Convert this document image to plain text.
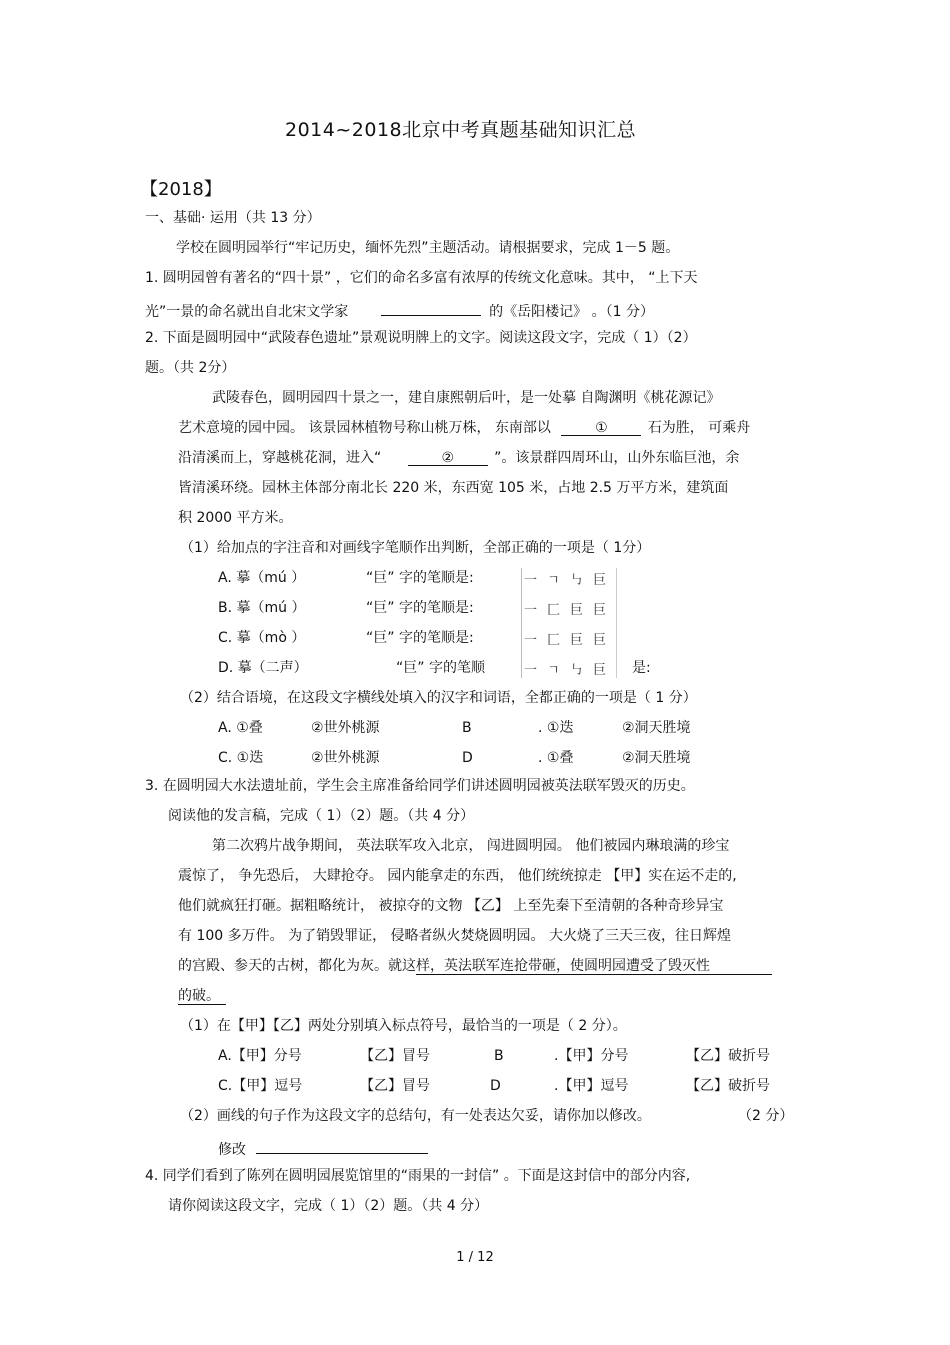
2014~2018北京中考真题基础知识汇总
【2018】
一、基础· 运用（共 13 分）
学校在圆明园举行“牢记历史，缅怀先烈”主题活动。请根据要求，完成 1－5 题。
1. 圆明园曾有著名的“四十景” ，它们的命名多富有浓厚的传统文化意味。其中， “上下天
光”一景的命名就出自北宋文学家	的《岳阳楼记》 。（1 分）
2. 下面是圆明园中“武陵春色遗址”景观说明牌上的文字。阅读这段文字，完成（ 1）（2）
题。（共 2分）
武陵春色，圆明园四十景之一，建自康熙朝后叶，是一处摹 自陶渊明《桃花源记》
艺术意境的园中园。 该景园林植物号称山桃万株， 东南部以	①	石为胜， 可乘舟
沿清溪而上，穿越桃花洞，进入“	②	”。该景群四周环山，山外东临巨池，余
皆清溪环绕。园林主体部分南北长 220 米，东西宽 105 米，占地 2.5 万平方米，建筑面
积 2000 平方米。
（1）给加点的字注音和对画线字笔顺作出判断，全部正确的一项是（ 1分）
A. 摹（mú ）	“巨” 字的笔顺是:	一 ㄱ ㇉ 巨
B. 摹（mú ）	“巨” 字的笔顺是:	一 匚 巨 巨
C. 摹（mò ）	“巨” 字的笔顺是:	一 匚 巨 巨
D. 摹（二声）	“巨” 字的笔顺	一 ㄱ ㇉ 巨 是:
（2）结合语境，在这段文字横线处填入的汉字和词语，全都正确的一项是（ 1 分）
A. ①叠	②世外桃源	B	. ①迭	②洞天胜境
C. ①迭	②世外桃源	D	. ①叠	②洞天胜境
3. 在圆明园大水法遗址前，学生会主席准备给同学们讲述圆明园被英法联军毁灭的历史。
阅读他的发言稿，完成（ 1）（2）题。（共 4 分）
第二次鸦片战争期间， 英法联军攻入北京， 闯进圆明园。 他们被园内琳琅满的珍宝
震惊了， 争先恐后， 大肆抢夺。 园内能拿走的东西， 他们统统掠走 【甲】实在运不走的,
他们就疯狂打砸。据粗略统计， 被掠夺的文物 【乙】 上至先秦下至清朝的各种奇珍异宝
有 100 多万件。 为了销毁罪证， 侵略者纵火焚烧圆明园。 大火烧了三天三夜，往日辉煌
的宫殿、参天的古树，都化为灰。就这样，英法联军连抢带砸，使圆明园遭受了毁灭性
的破。
（1）在【甲】【乙】两处分别填入标点符号，最恰当的一项是（ 2 分）。
A.【甲】分号	【乙】冒号	B	.【甲】分号	【乙】破折号
C.【甲】逗号	【乙】冒号	D	.【甲】逗号	【乙】破折号
（2）画线的句子作为这段文字的总结句，有一处表达欠妥，请你加以修改。	（2 分）
修改
4. 同学们看到了陈列在圆明园展览馆里的“雨果的一封信” 。下面是这封信中的部分内容,
请你阅读这段文字，完成（ 1）（2）题。（共 4 分）
1 / 12
